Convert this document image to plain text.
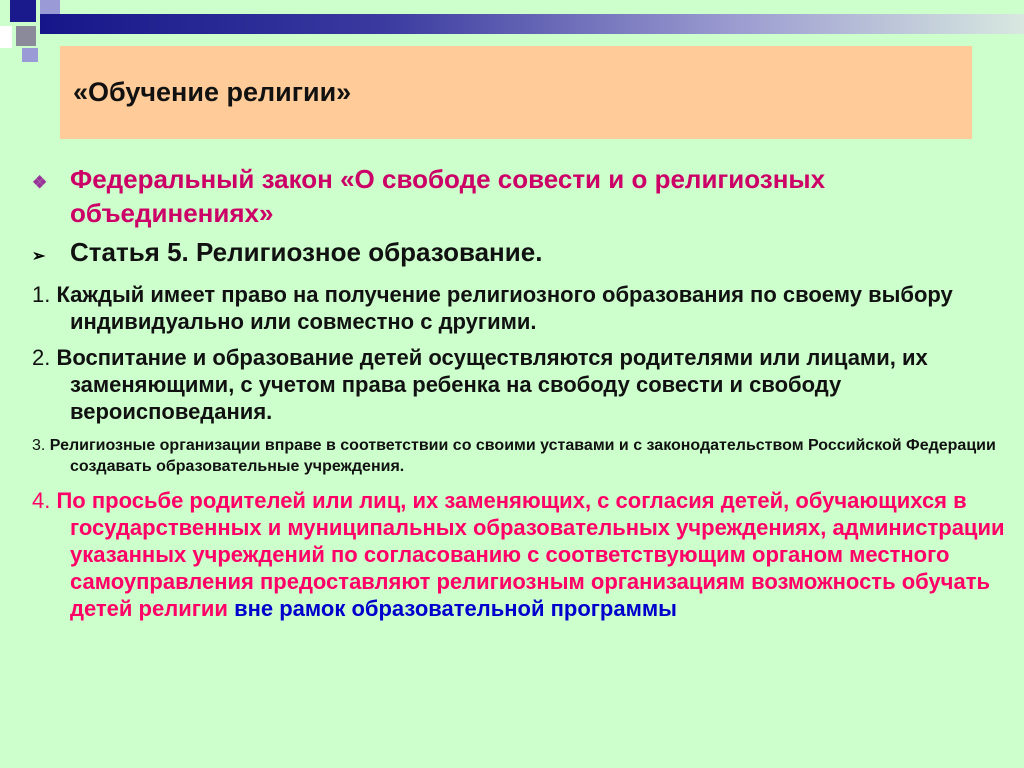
«Обучение религии»

❖ Федеральный закон «О свободе совести и о религиозных объединениях»

➢ Статья 5. Религиозное образование.

1. Каждый имеет право на получение религиозного образования по своему выбору индивидуально или совместно с другими.

2. Воспитание и образование детей осуществляются родителями или лицами, их заменяющими, с учетом права ребенка на свободу совести и свободу вероисповедания.

3. Религиозные организации вправе в соответствии со своими уставами и с законодательством Российской Федерации создавать образовательные учреждения.

4. По просьбе родителей или лиц, их заменяющих, с согласия детей, обучающихся в государственных и муниципальных образовательных учреждениях, администрации указанных учреждений по согласованию с соответствующим органом местного самоуправления предоставляют религиозным организациям возможность обучать детей религии вне рамок образовательной программы
